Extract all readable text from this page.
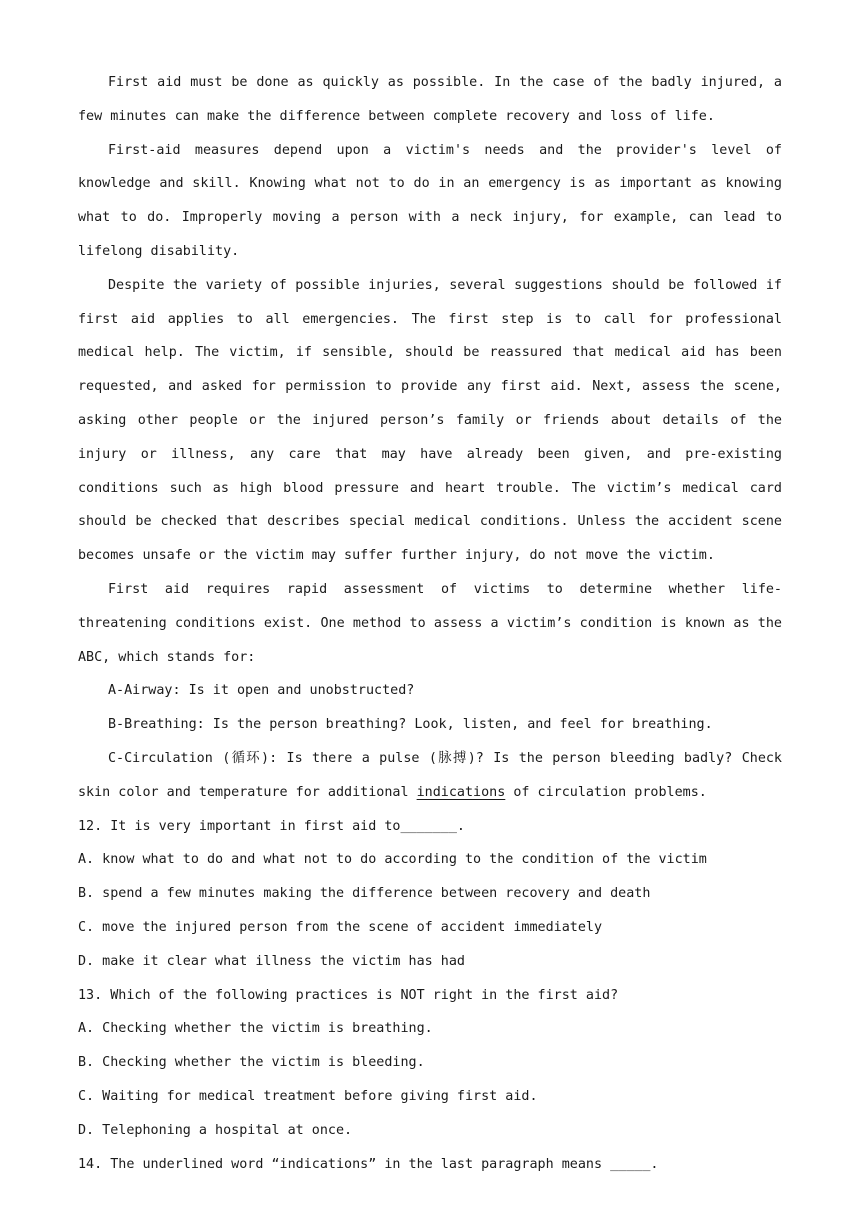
First aid must be done as quickly as possible. In the case of the badly injured, a few minutes can make the difference between complete recovery and loss of life.

First-aid measures depend upon a victim's needs and the provider's level of knowledge and skill. Knowing what not to do in an emergency is as important as knowing what to do. Improperly moving a person with a neck injury, for example, can lead to lifelong disability.

Despite the variety of possible injuries, several suggestions should be followed if first aid applies to all emergencies. The first step is to call for professional medical help. The victim, if sensible, should be reassured that medical aid has been requested, and asked for permission to provide any first aid. Next, assess the scene, asking other people or the injured person’s family or friends about details of the injury or illness, any care that may have already been given, and pre-existing conditions such as high blood pressure and heart trouble. The victim’s medical card should be checked that describes special medical conditions. Unless the accident scene becomes unsafe or the victim may suffer further injury, do not move the victim.

First aid requires rapid assessment of victims to determine whether life-threatening conditions exist. One method to assess a victim’s condition is known as the ABC, which stands for:

A-Airway: Is it open and unobstructed?

B-Breathing: Is the person breathing? Look, listen, and feel for breathing.

C-Circulation (循环): Is there a pulse (脉搏)? Is the person bleeding badly? Check skin color and temperature for additional indications of circulation problems.

12. It is very important in first aid to_______.

A. know what to do and what not to do according to the condition of the victim

B. spend a few minutes making the difference between recovery and death

C. move the injured person from the scene of accident immediately

D. make it clear what illness the victim has had

13. Which of the following practices is NOT right in the first aid?

A. Checking whether the victim is breathing.

B. Checking whether the victim is bleeding.

C. Waiting for medical treatment before giving first aid.

D. Telephoning a hospital at once.

14. The underlined word “indications” in the last paragraph means _____.
